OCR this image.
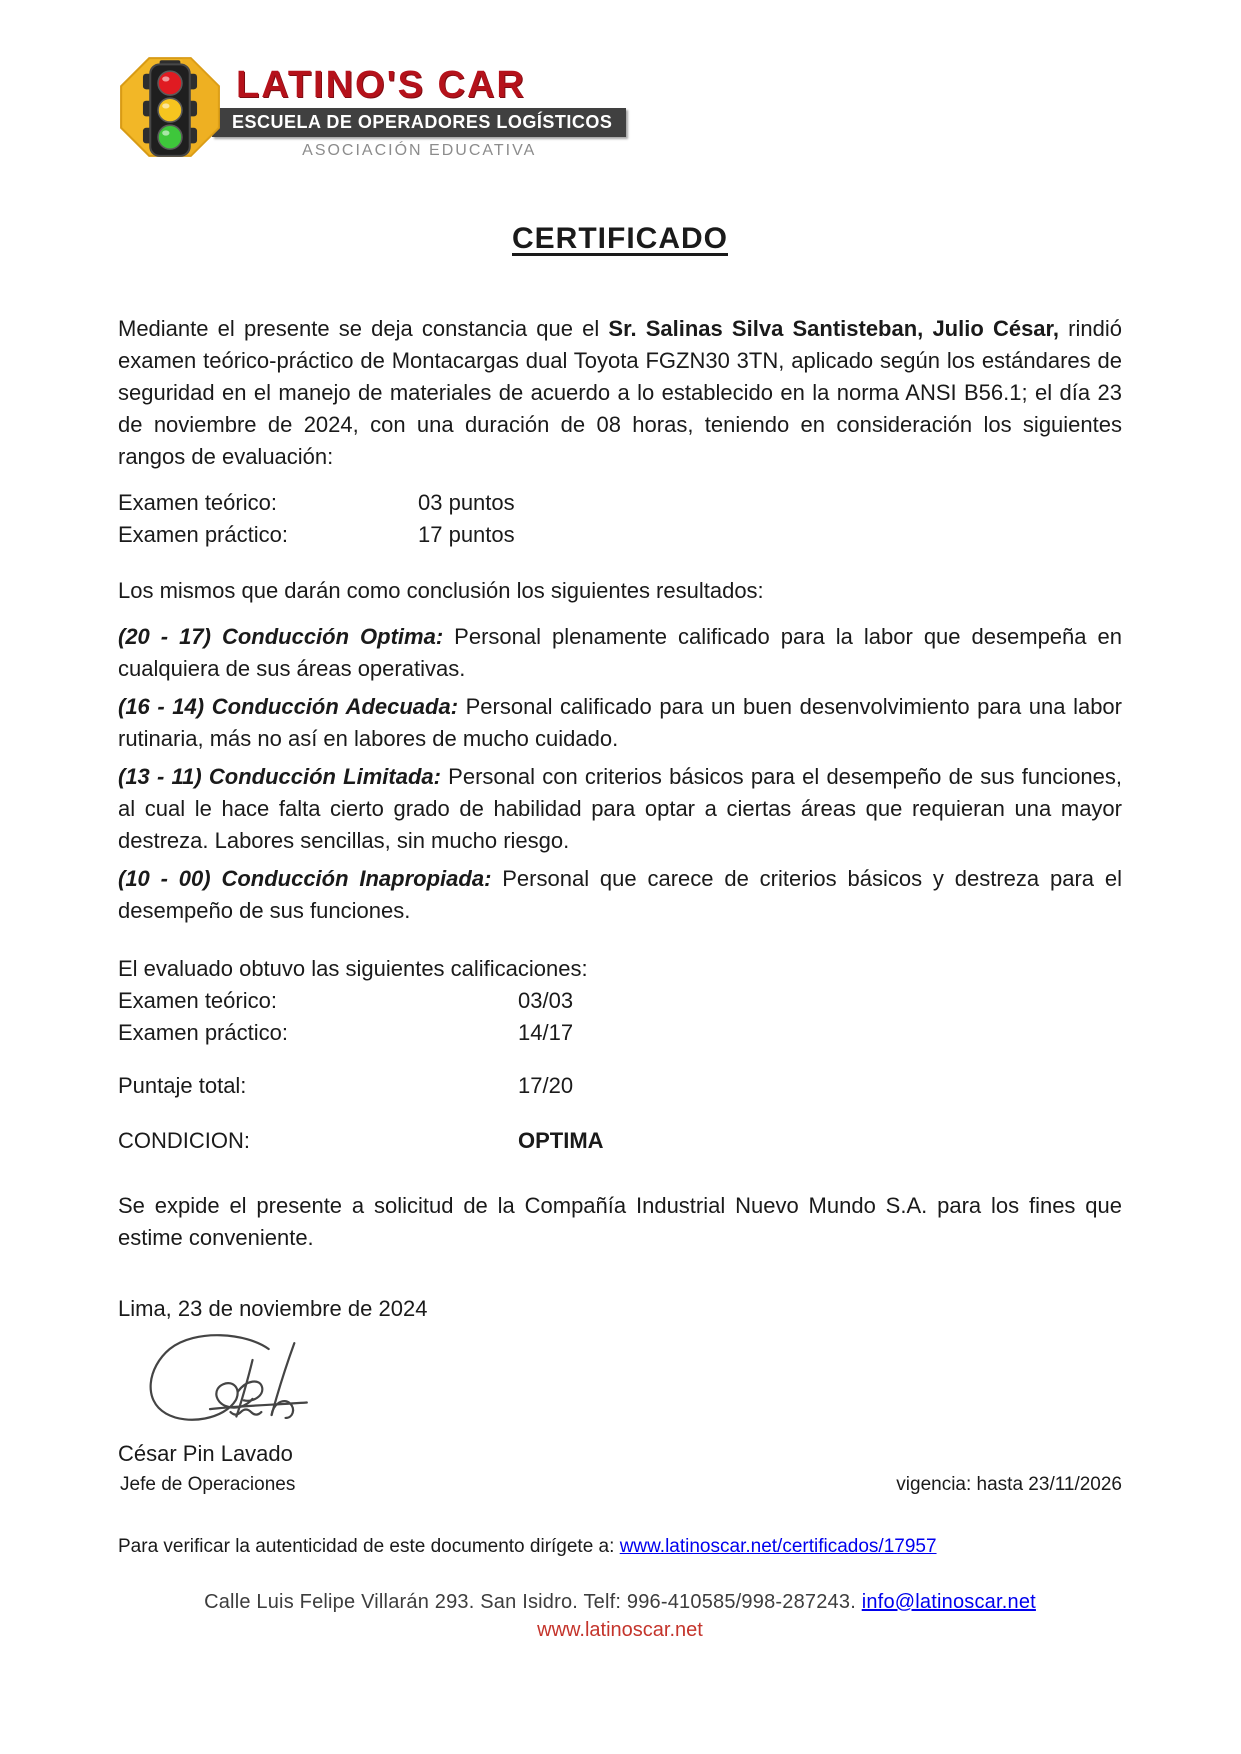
LATINO'S CAR
ESCUELA DE OPERADORES LOGÍSTICOS
ASOCIACIÓN EDUCATIVA
CERTIFICADO

Mediante el presente se deja constancia que el Sr. Salinas Silva Santisteban, Julio César, rindió examen teórico-práctico de Montacargas dual Toyota FGZN30 3TN, aplicado según los estándares de seguridad en el manejo de materiales de acuerdo a lo establecido en la norma ANSI B56.1; el día 23 de noviembre de 2024, con una duración de 08 horas, teniendo en consideración los siguientes rangos de evaluación:

Examen teórico:	03 puntos
Examen práctico:	17 puntos

Los mismos que darán como conclusión los siguientes resultados:

(20 - 17) Conducción Optima: Personal plenamente calificado para la labor que desempeña en cualquiera de sus áreas operativas.

(16 - 14) Conducción Adecuada: Personal calificado para un buen desenvolvimiento para una labor rutinaria, más no así en labores de mucho cuidado.

(13 - 11) Conducción Limitada: Personal con criterios básicos para el desempeño de sus funciones, al cual le hace falta cierto grado de habilidad para optar a ciertas áreas que requieran una mayor destreza. Labores sencillas, sin mucho riesgo.

(10 - 00) Conducción Inapropiada: Personal que carece de criterios básicos y destreza para el desempeño de sus funciones.

El evaluado obtuvo las siguientes calificaciones:

Examen teórico:	03/03
Examen práctico:	14/17
Puntaje total:	17/20
CONDICION:	OPTIMA

Se expide el presente a solicitud de la Compañía Industrial Nuevo Mundo S.A. para los fines que estime conveniente.

Lima, 23 de noviembre de 2024

César Pin Lavado

Jefe de Operaciones	vigencia: hasta 23/11/2026

Para verificar la autenticidad de este documento dirígete a: www.latinoscar.net/certificados/17957

Calle Luis Felipe Villarán 293. San Isidro. Telf: 996-410585/998-287243. info@latinoscar.net
www.latinoscar.net
